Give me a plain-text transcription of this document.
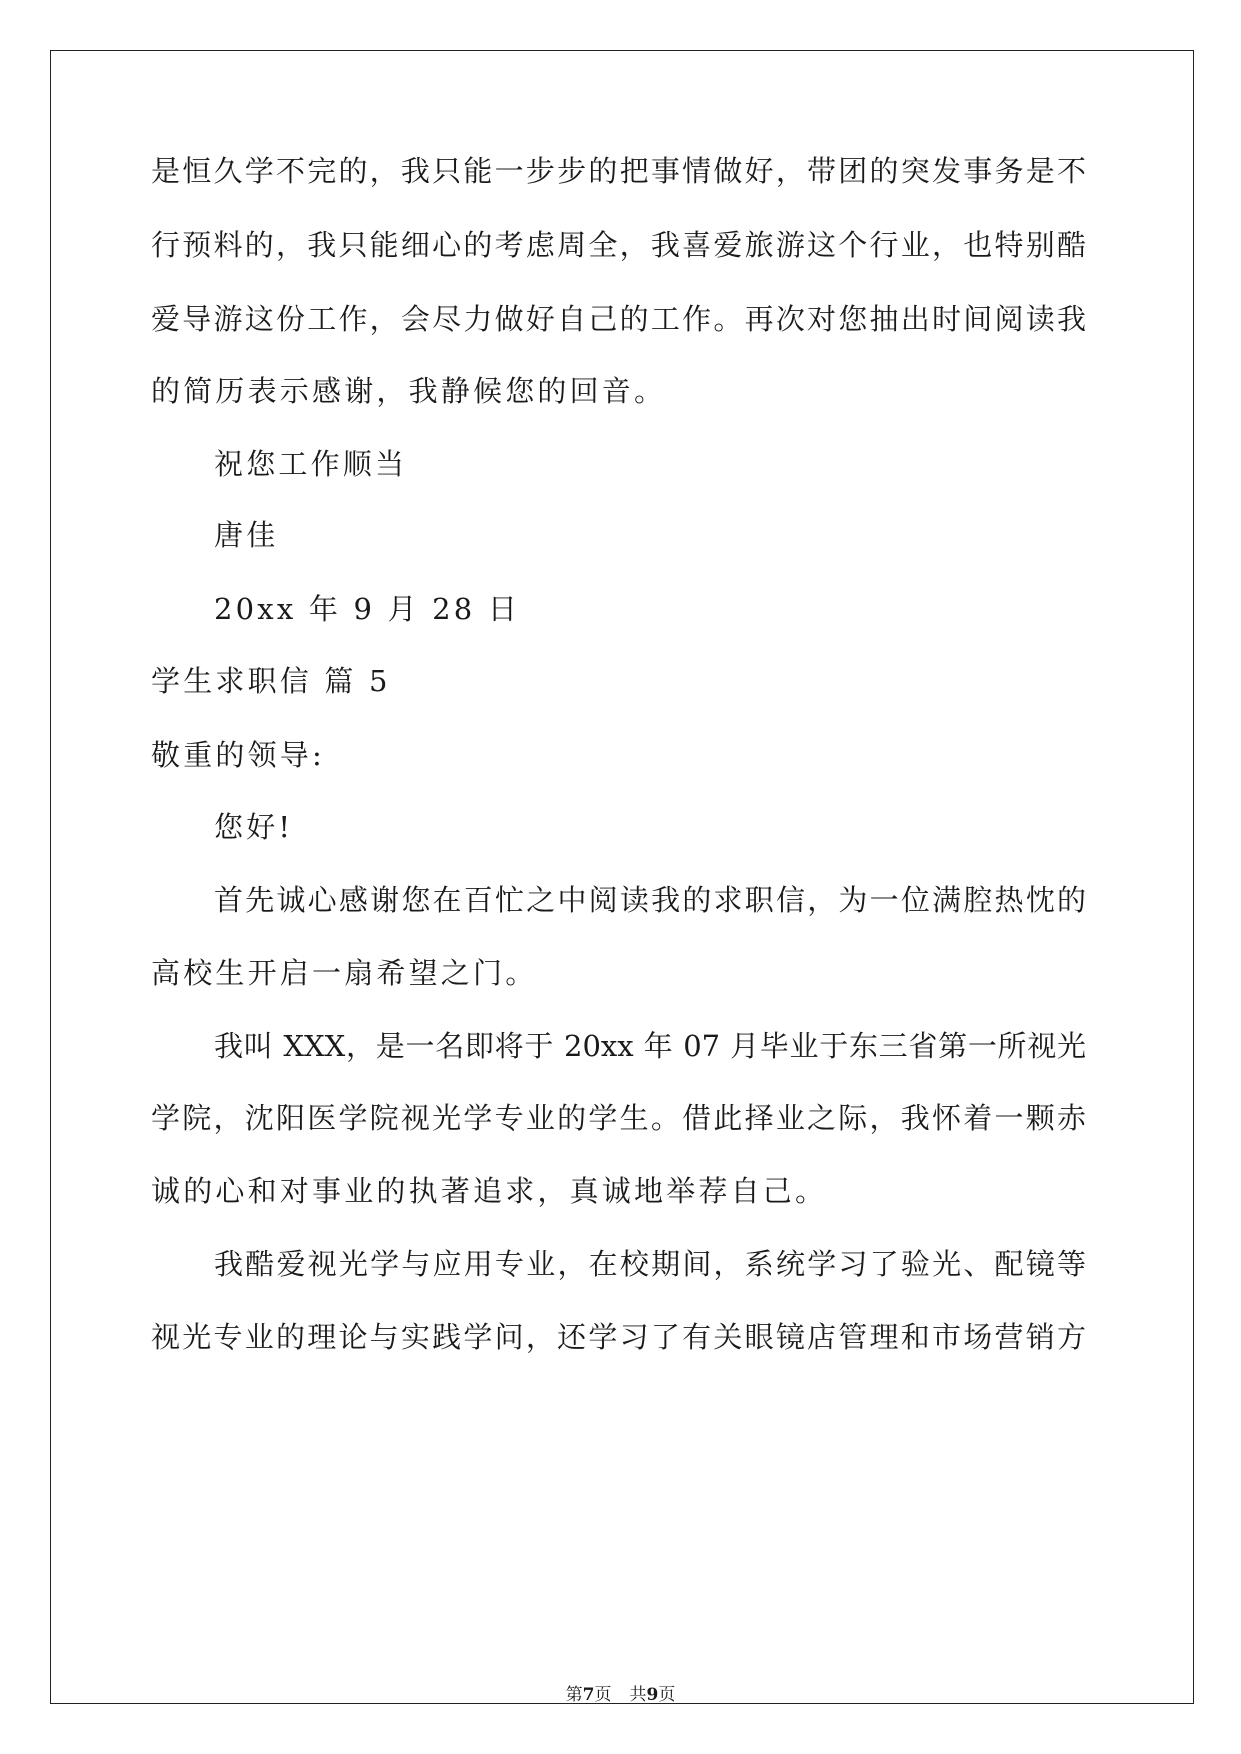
是恒久学不完的，我只能一步步的把事情做好，带团的突发事务是不
行预料的，我只能细心的考虑周全，我喜爱旅游这个行业，也特别酷
爱导游这份工作，会尽力做好自己的工作。再次对您抽出时间阅读我
的简历表示感谢，我静候您的回音。
祝您工作顺当
唐佳
20xx 年 9 月 28 日
学生求职信 篇 5
敬重的领导:
您好!
首先诚心感谢您在百忙之中阅读我的求职信，为一位满腔热忱的
高校生开启一扇希望之门。
我叫 XXX，是一名即将于 20xx 年 07 月毕业于东三省第一所视光
学院，沈阳医学院视光学专业的学生。借此择业之际，我怀着一颗赤
诚的心和对事业的执著追求，真诚地举荐自己。
我酷爱视光学与应用专业，在校期间，系统学习了验光、配镜等
视光专业的理论与实践学问，还学习了有关眼镜店管理和市场营销方
第7页 共9页
